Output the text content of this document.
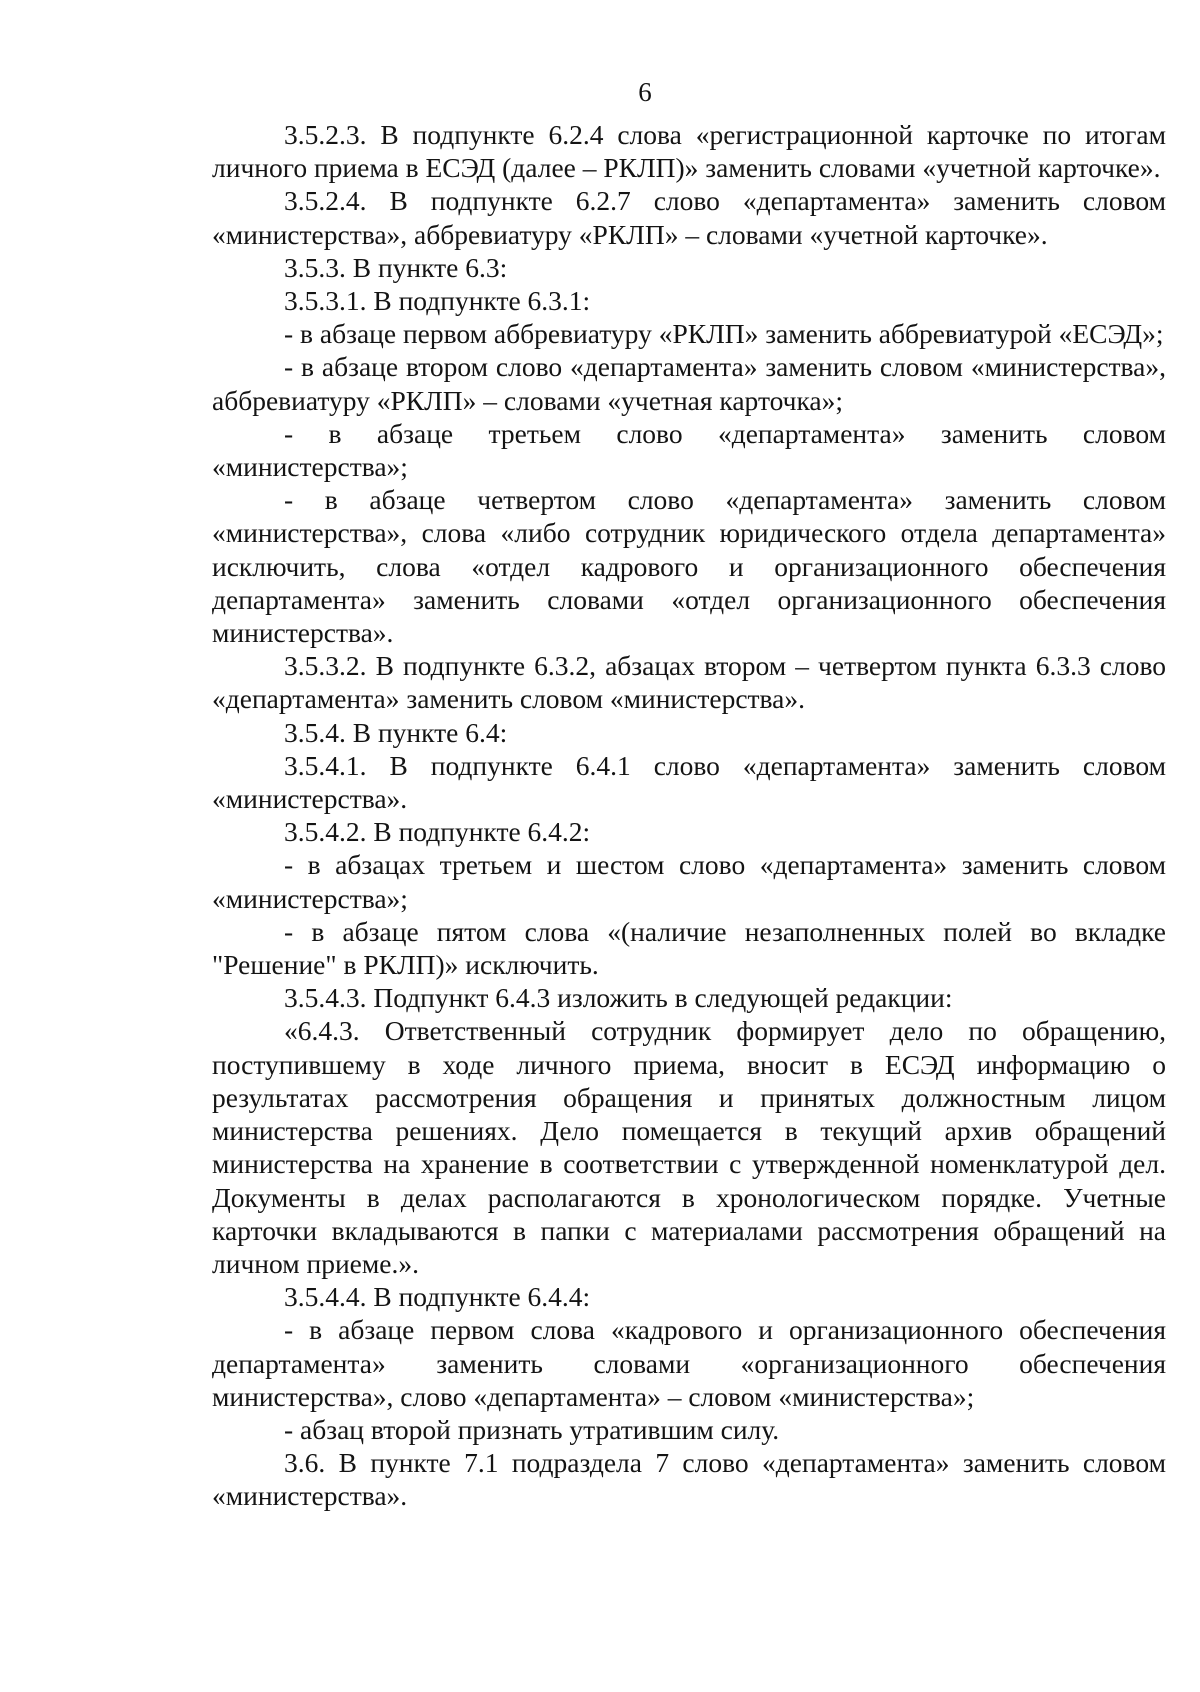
6

3.5.2.3. В подпункте 6.2.4 слова «регистрационной карточке по итогам личного приема в ЕСЭД (далее – РКЛП)» заменить словами «учетной карточке».

3.5.2.4. В подпункте 6.2.7 слово «департамента» заменить словом «министерства», аббревиатуру «РКЛП» – словами «учетной карточке».

3.5.3. В пункте 6.3:

3.5.3.1. В подпункте 6.3.1:

- в абзаце первом аббревиатуру «РКЛП» заменить аббревиатурой «ЕСЭД»;

- в абзаце втором слово «департамента» заменить словом «министерства», аббревиатуру «РКЛП» – словами «учетная карточка»;

- в абзаце третьем слово «департамента» заменить словом «министерства»;

- в абзаце четвертом слово «департамента» заменить словом «министерства», слова «либо сотрудник юридического отдела департамента» исключить, слова «отдел кадрового и организационного обеспечения департамента» заменить словами «отдел организационного обеспечения министерства».

3.5.3.2. В подпункте 6.3.2, абзацах втором – четвертом пункта 6.3.3 слово «департамента» заменить словом «министерства».

3.5.4. В пункте 6.4:

3.5.4.1. В подпункте 6.4.1 слово «департамента» заменить словом «министерства».

3.5.4.2. В подпункте 6.4.2:

- в абзацах третьем и шестом слово «департамента» заменить словом «министерства»;

- в абзаце пятом слова «(наличие незаполненных полей во вкладке "Решение" в РКЛП)» исключить.

3.5.4.3. Подпункт 6.4.3 изложить в следующей редакции:

«6.4.3. Ответственный сотрудник формирует дело по обращению, поступившему в ходе личного приема, вносит в ЕСЭД информацию о результатах рассмотрения обращения и принятых должностным лицом министерства решениях. Дело помещается в текущий архив обращений министерства на хранение в соответствии с утвержденной номенклатурой дел. Документы в делах располагаются в хронологическом порядке. Учетные карточки вкладываются в папки с материалами рассмотрения обращений на личном приеме.».

3.5.4.4. В подпункте 6.4.4:

- в абзаце первом слова «кадрового и организационного обеспечения департамента» заменить словами «организационного обеспечения министерства», слово «департамента» – словом «министерства»;

- абзац второй признать утратившим силу.

3.6. В пункте 7.1 подраздела 7 слово «департамента» заменить словом «министерства».
